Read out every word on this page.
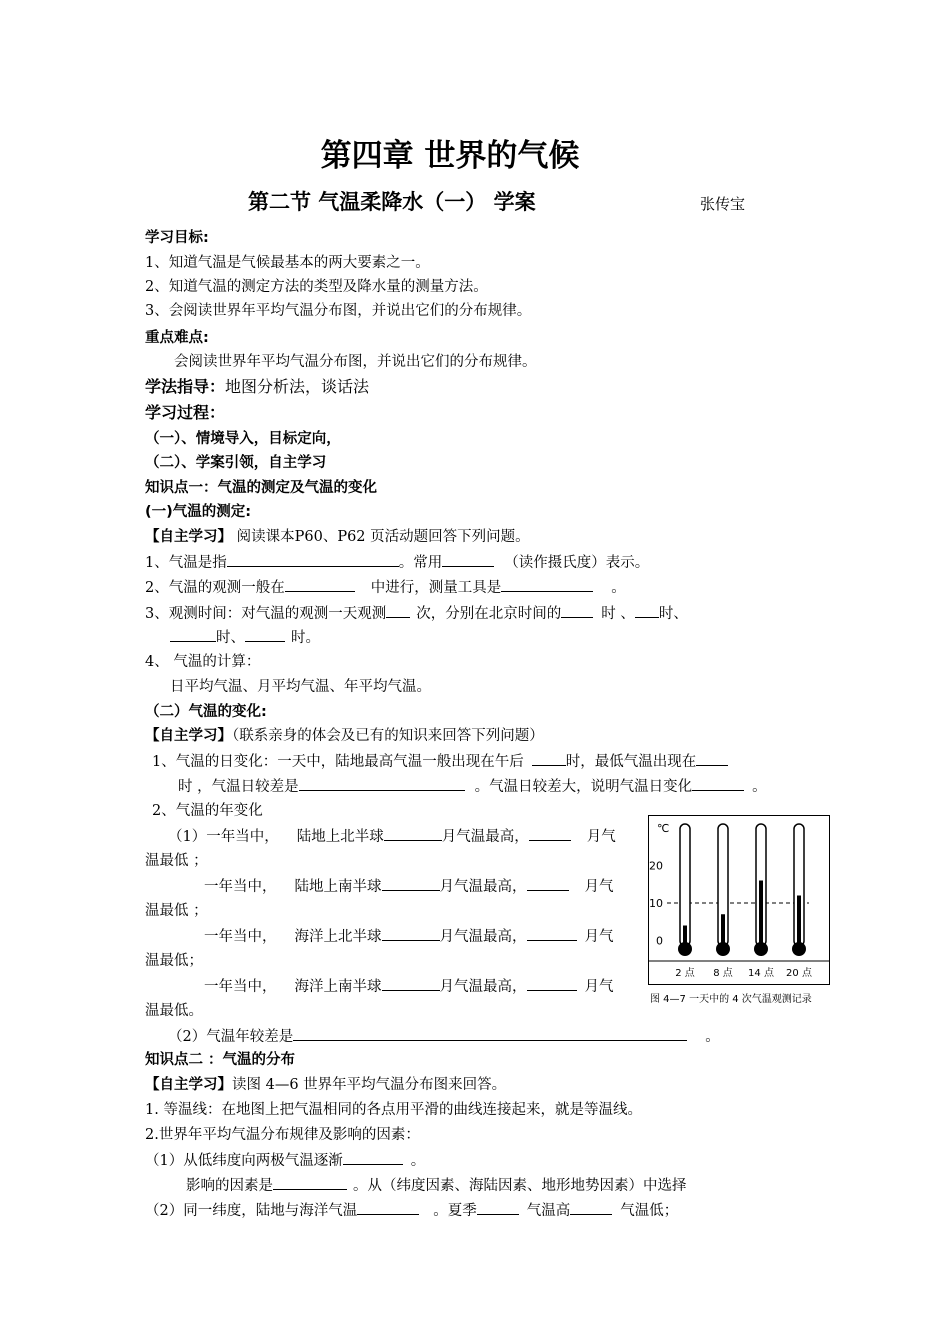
第四章 世界的气候
第二节 气温柔降水（一） 学案	张传宝
学习目标:
1、知道气温是气候最基本的两大要素之一。
2、知道气温的测定方法的类型及降水量的测量方法。
3、会阅读世界年平均气温分布图，并说出它们的分布规律。
重点难点:
会阅读世界年平均气温分布图，并说出它们的分布规律。
学法指导：地图分析法，谈话法
学习过程：
（一）、情境导入，目标定向，
（二）、学案引领，自主学习
知识点一：气温的测定及气温的变化
(一)气温的测定:
【自主学习】 阅读课本P60、P62 页活动题回答下列问题。
1、气温是指	。常用	（读作摄氏度）表示。
2、气温的观测一般在	中进行，测量工具是	。
3、观测时间：对气温的观测一天观测 次，分别在北京时间的	时 、 时、
时、	时。
4、 气温的计算：
日平均气温、月平均气温、年平均气温。
（二）气温的变化:
【自主学习】（联系亲身的体会及已有的知识来回答下列问题）
1、气温的日变化：一天中，陆地最高气温一般出现在午后	时，最低气温出现在
时 ，气温日较差是	。气温日较差大，说明气温日变化	。
2、气温的年变化
（1）一年当中， 陆地上北半球	月气温最高，	月气
温最低 ；
一年当中， 陆地上南半球	月气温最高，	月气
温最低 ；
一年当中， 海洋上北半球	月气温最高，	月气
温最低；
一年当中， 海洋上南半球	月气温最高，	月气
温最低。
（2）气温年较差是	。
℃
20
10
0
2 点 8 点 14 点 20 点
图 4—7 一天中的 4 次气温观测记录
知识点二 ：气温的分布
【自主学习】读图 4—6 世界年平均气温分布图来回答。
1. 等温线：在地图上把气温相同的各点用平滑的曲线连接起来，就是等温线。
2.世界年平均气温分布规律及影响的因素：
（1）从低纬度向两极气温逐渐	。
影响的因素是	。从（纬度因素、海陆因素、地形地势因素）中选择
（2）同一纬度，陆地与海洋气温	。夏季	气温高	气温低；
